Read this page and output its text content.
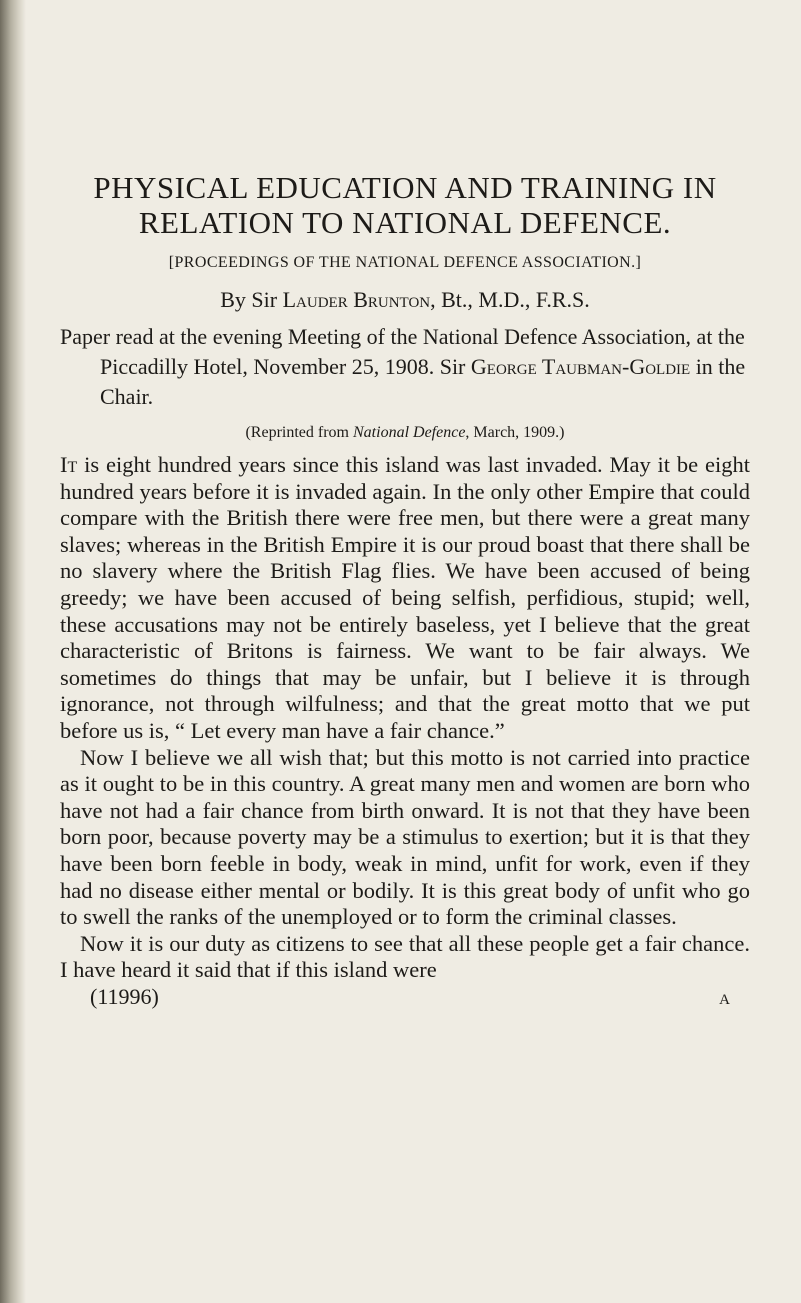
PHYSICAL EDUCATION AND TRAINING IN
RELATION TO NATIONAL DEFENCE.
[PROCEEDINGS OF THE NATIONAL DEFENCE ASSOCIATION.]
By Sir Lauder Brunton, Bt., M.D., F.R.S.
Paper read at the evening Meeting of the National Defence Association, at the Piccadilly Hotel, November 25, 1908. Sir George Taubman-Goldie in the Chair.
(Reprinted from National Defence, March, 1909.)

It is eight hundred years since this island was last invaded. May it be eight hundred years before it is invaded again. In the only other Empire that could compare with the British there were free men, but there were a great many slaves; whereas in the British Empire it is our proud boast that there shall be no slavery where the British Flag flies. We have been accused of being greedy; we have been accused of being selfish, perfidious, stupid; well, these accusations may not be entirely baseless, yet I believe that the great characteristic of Britons is fairness. We want to be fair always. We sometimes do things that may be unfair, but I believe it is through ignorance, not through wilfulness; and that the great motto that we put before us is, “ Let every man have a fair chance.”

Now I believe we all wish that; but this motto is not carried into practice as it ought to be in this country. A great many men and women are born who have not had a fair chance from birth onward. It is not that they have been born poor, because poverty may be a stimulus to exertion; but it is that they have been born feeble in body, weak in mind, unfit for work, even if they had no disease either mental or bodily. It is this great body of unfit who go to swell the ranks of the unemployed or to form the criminal classes.

Now it is our duty as citizens to see that all these people get a fair chance. I have heard it said that if this island were

(11996)	A
